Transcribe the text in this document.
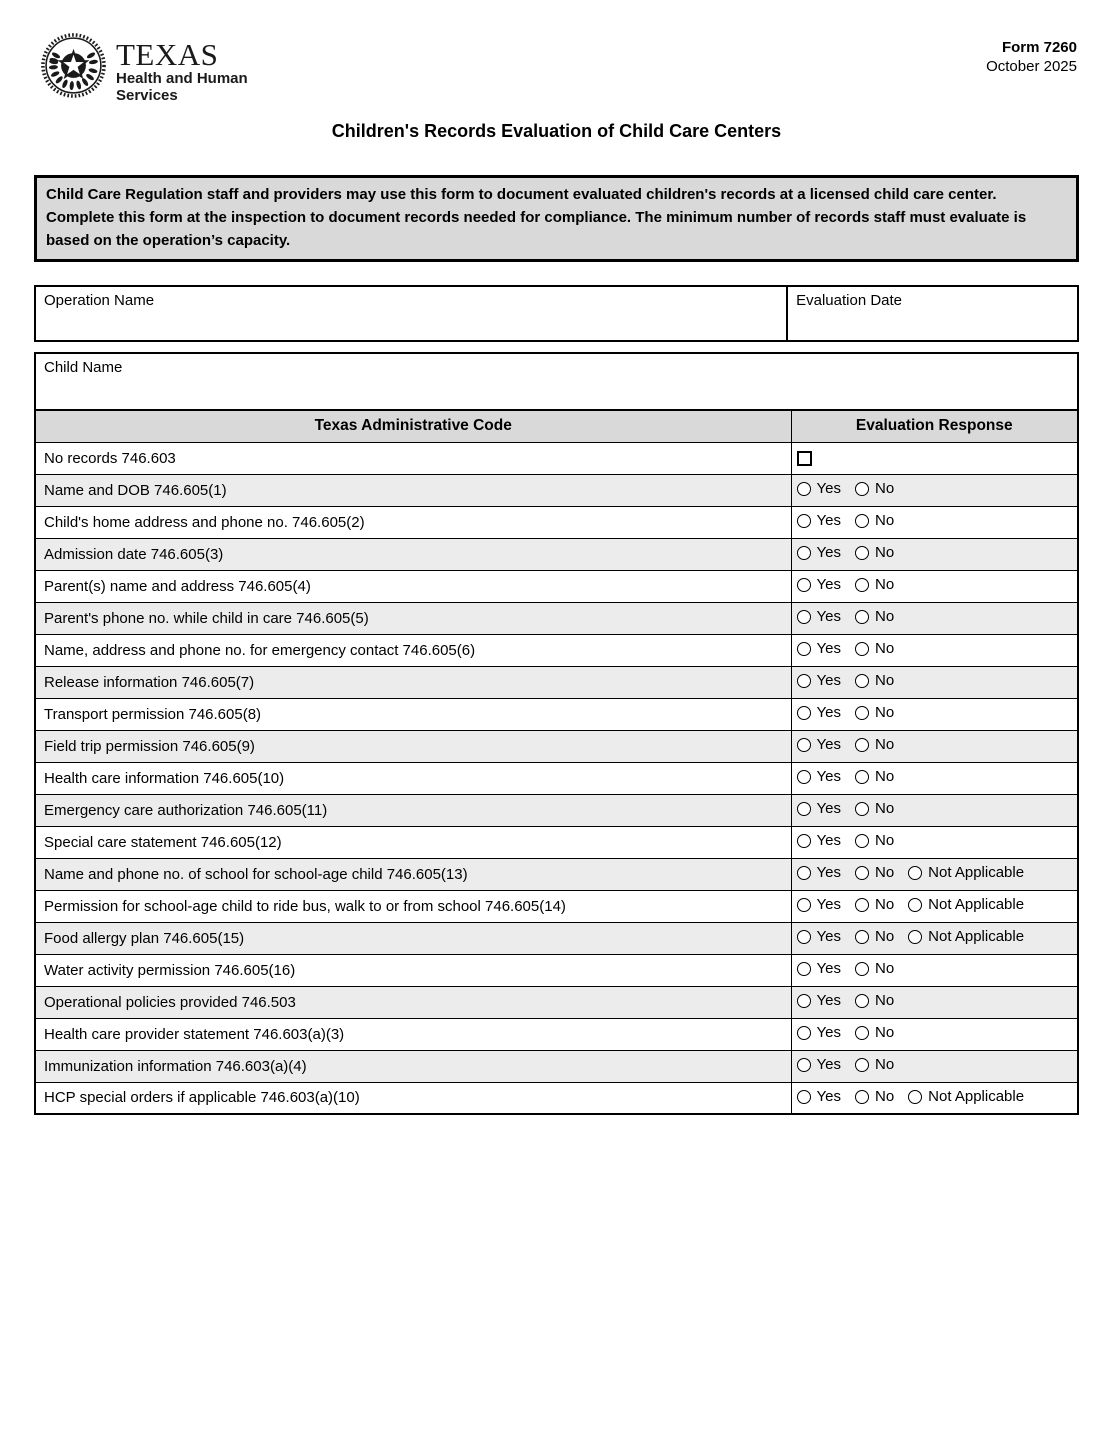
TEXAS
Health and Human
Services
Form 7260
October 2025
Children's Records Evaluation of Child Care Centers
Child Care Regulation staff and providers may use this form to document evaluated children's records at a licensed child care center. Complete this form at the inspection to document records needed for compliance. The minimum number of records staff must evaluate is based on the operation’s capacity.
Operation Name	Evaluation Date
Child Name
Texas Administrative Code	Evaluation Response
No records 746.603	
Name and DOB 746.605(1)	Yes No

Child's home address and phone no. 746.605(2)	Yes No

Admission date 746.605(3)	Yes No

Parent(s) name and address 746.605(4)	Yes No

Parent's phone no. while child in care 746.605(5)	Yes No

Name, address and phone no. for emergency contact 746.605(6)	Yes No

Release information 746.605(7)	Yes No

Transport permission 746.605(8)	Yes No

Field trip permission 746.605(9)	Yes No

Health care information 746.605(10)	Yes No

Emergency care authorization 746.605(11)	Yes No

Special care statement 746.605(12)	Yes No

Name and phone no. of school for school-age child 746.605(13)	Yes No Not Applicable

Permission for school-age child to ride bus, walk to or from school 746.605(14)	Yes No Not Applicable

Food allergy plan 746.605(15)	Yes No Not Applicable

Water activity permission 746.605(16)	Yes No

Operational policies provided 746.503	Yes No

Health care provider statement 746.603(a)(3)	Yes No

Immunization information 746.603(a)(4)	Yes No

HCP special orders if applicable 746.603(a)(10)	Yes No Not Applicable
